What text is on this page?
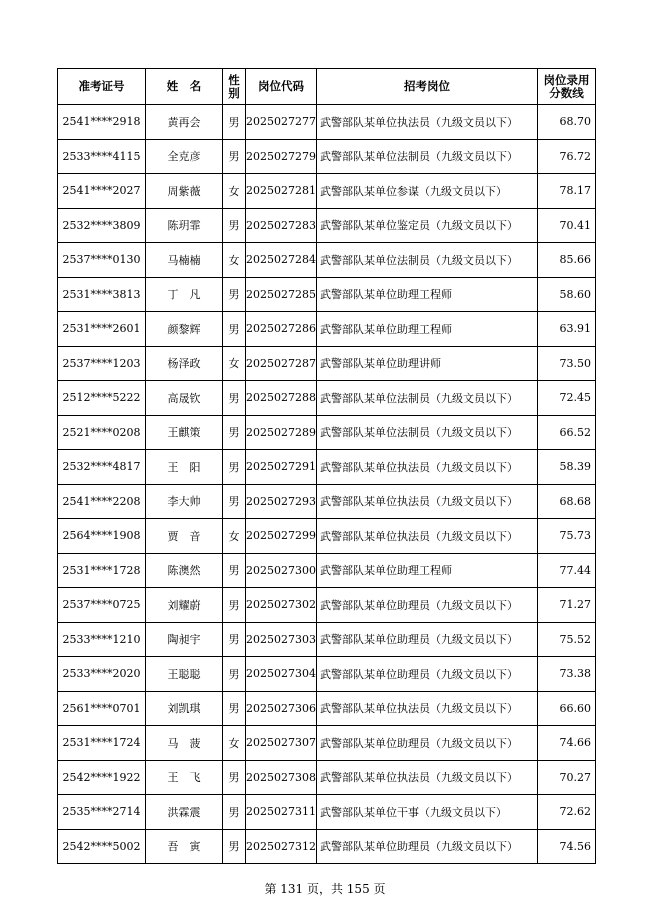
准考证号	姓　名	性别	岗位代码	招考岗位	岗位录用分数线
2541****2918	黄再会	男	2025027277	武警部队某单位执法员（九级文员以下）	68.70
2533****4115	全克彦	男	2025027279	武警部队某单位法制员（九级文员以下）	76.72
2541****2027	周紫薇	女	2025027281	武警部队某单位参谋（九级文员以下）	78.17
2532****3809	陈玥霏	男	2025027283	武警部队某单位鉴定员（九级文员以下）	70.41
2537****0130	马楠楠	女	2025027284	武警部队某单位法制员（九级文员以下）	85.66
2531****3813	丁　凡	男	2025027285	武警部队某单位助理工程师	58.60
2531****2601	颜黎辉	男	2025027286	武警部队某单位助理工程师	63.91
2537****1203	杨泽政	女	2025027287	武警部队某单位助理讲师	73.50
2512****5222	高晟钦	男	2025027288	武警部队某单位法制员（九级文员以下）	72.45
2521****0208	王麒策	男	2025027289	武警部队某单位法制员（九级文员以下）	66.52
2532****4817	王　阳	男	2025027291	武警部队某单位执法员（九级文员以下）	58.39
2541****2208	李大帅	男	2025027293	武警部队某单位执法员（九级文员以下）	68.68
2564****1908	贾　音	女	2025027299	武警部队某单位执法员（九级文员以下）	75.73
2531****1728	陈澳然	男	2025027300	武警部队某单位助理工程师	77.44
2537****0725	刘耀蔚	男	2025027302	武警部队某单位助理员（九级文员以下）	71.27
2533****1210	陶昶宇	男	2025027303	武警部队某单位助理员（九级文员以下）	75.52
2533****2020	王聪聪	男	2025027304	武警部队某单位助理员（九级文员以下）	73.38
2561****0701	刘凯琪	男	2025027306	武警部队某单位执法员（九级文员以下）	66.60
2531****1724	马　菠	女	2025027307	武警部队某单位助理员（九级文员以下）	74.66
2542****1922	王　飞	男	2025027308	武警部队某单位执法员（九级文员以下）	70.27
2535****2714	洪霖震	男	2025027311	武警部队某单位干事（九级文员以下）	72.62
2542****5002	吾　寅	男	2025027312	武警部队某单位助理员（九级文员以下）	74.56
第 131 页，共 155 页
